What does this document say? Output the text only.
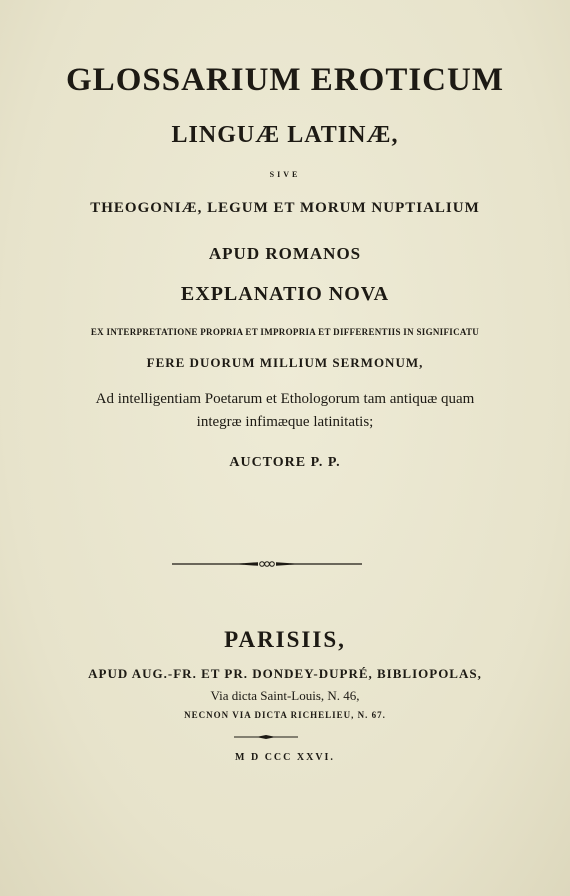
GLOSSARIUM EROTICUM
LINGUÆ LATINÆ,
SIVE
THEOGONIÆ, LEGUM ET MORUM NUPTIALIUM
APUD ROMANOS
EXPLANATIO NOVA
EX INTERPRETATIONE PROPRIA ET IMPROPRIA ET DIFFERENTIIS IN SIGNIFICATU
FERE DUORUM MILLIUM SERMONUM,
Ad intelligentiam Poetarum et Ethologorum tam antiquæ quam
integræ infimæque latinitatis;
AUCTORE P. P.
PARISIIS,
APUD AUG.-FR. ET PR. DONDEY-DUPRÉ, BIBLIOPOLAS,
Via dicta Saint-Louis, N. 46,
NECNON VIA DICTA RICHELIEU, N. 67.
M D CCC XXVI.
